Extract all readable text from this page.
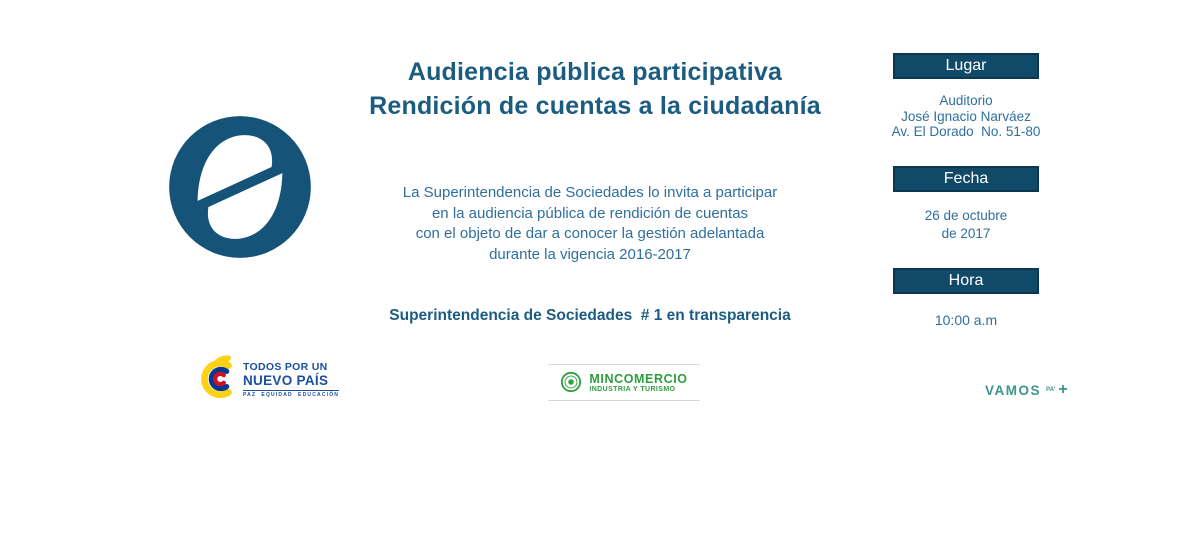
Audiencia pública participativa
Rendición de cuentas a la ciudadanía
La Superintendencia de Sociedades lo invita a participar
en la audiencia pública de rendición de cuentas
con el objeto de dar a conocer la gestión adelantada
durante la vigencia 2016-2017
Superintendencia de Sociedades  # 1 en transparencia
Lugar
Auditorio
José Ignacio Narváez
Av. El Dorado  No. 51-80
Fecha
26 de octubre
de 2017
Hora
10:00 a.m
TODOS POR UN
NUEVO PAÍS
PAZ  EQUIDAD  EDUCACIÓN
MINCOMERCIO
INDUSTRIA Y TURISMO	VAMOS PA' +
